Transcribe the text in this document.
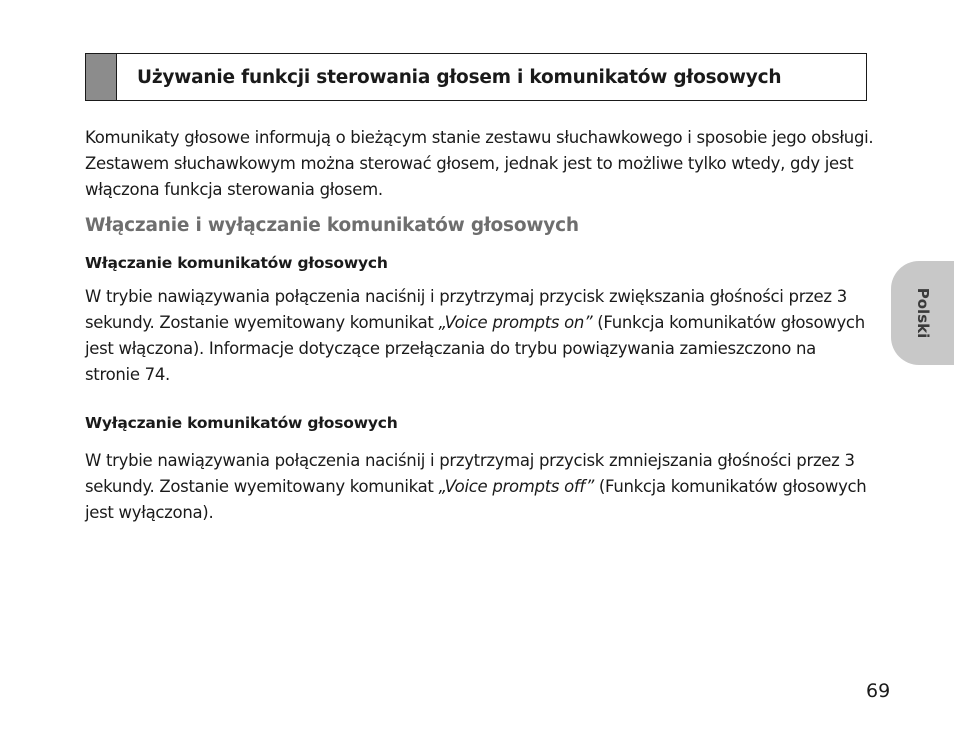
Używanie funkcji sterowania głosem i komunikatów głosowych

Komunikaty głosowe informują o bieżącym stanie zestawu słuchawkowego i sposobie jego obsługi. Zestawem słuchawkowym można sterować głosem, jednak jest to możliwe tylko wtedy, gdy jest włączona funkcja sterowania głosem.

Włączanie i wyłączanie komunikatów głosowych
Włączanie komunikatów głosowych

W trybie nawiązywania połączenia naciśnij i przytrzymaj przycisk zwiększania głośności przez 3 sekundy. Zostanie wyemitowany komunikat „Voice prompts on” (Funkcja komunikatów głosowych jest włączona). Informacje dotyczące przełączania do trybu powiązywania zamieszczono na stronie 74.

Wyłączanie komunikatów głosowych

W trybie nawiązywania połączenia naciśnij i przytrzymaj przycisk zmniejszania głośności przez 3 sekundy. Zostanie wyemitowany komunikat „Voice prompts off” (Funkcja komunikatów głosowych jest wyłączona).

Polski
69
